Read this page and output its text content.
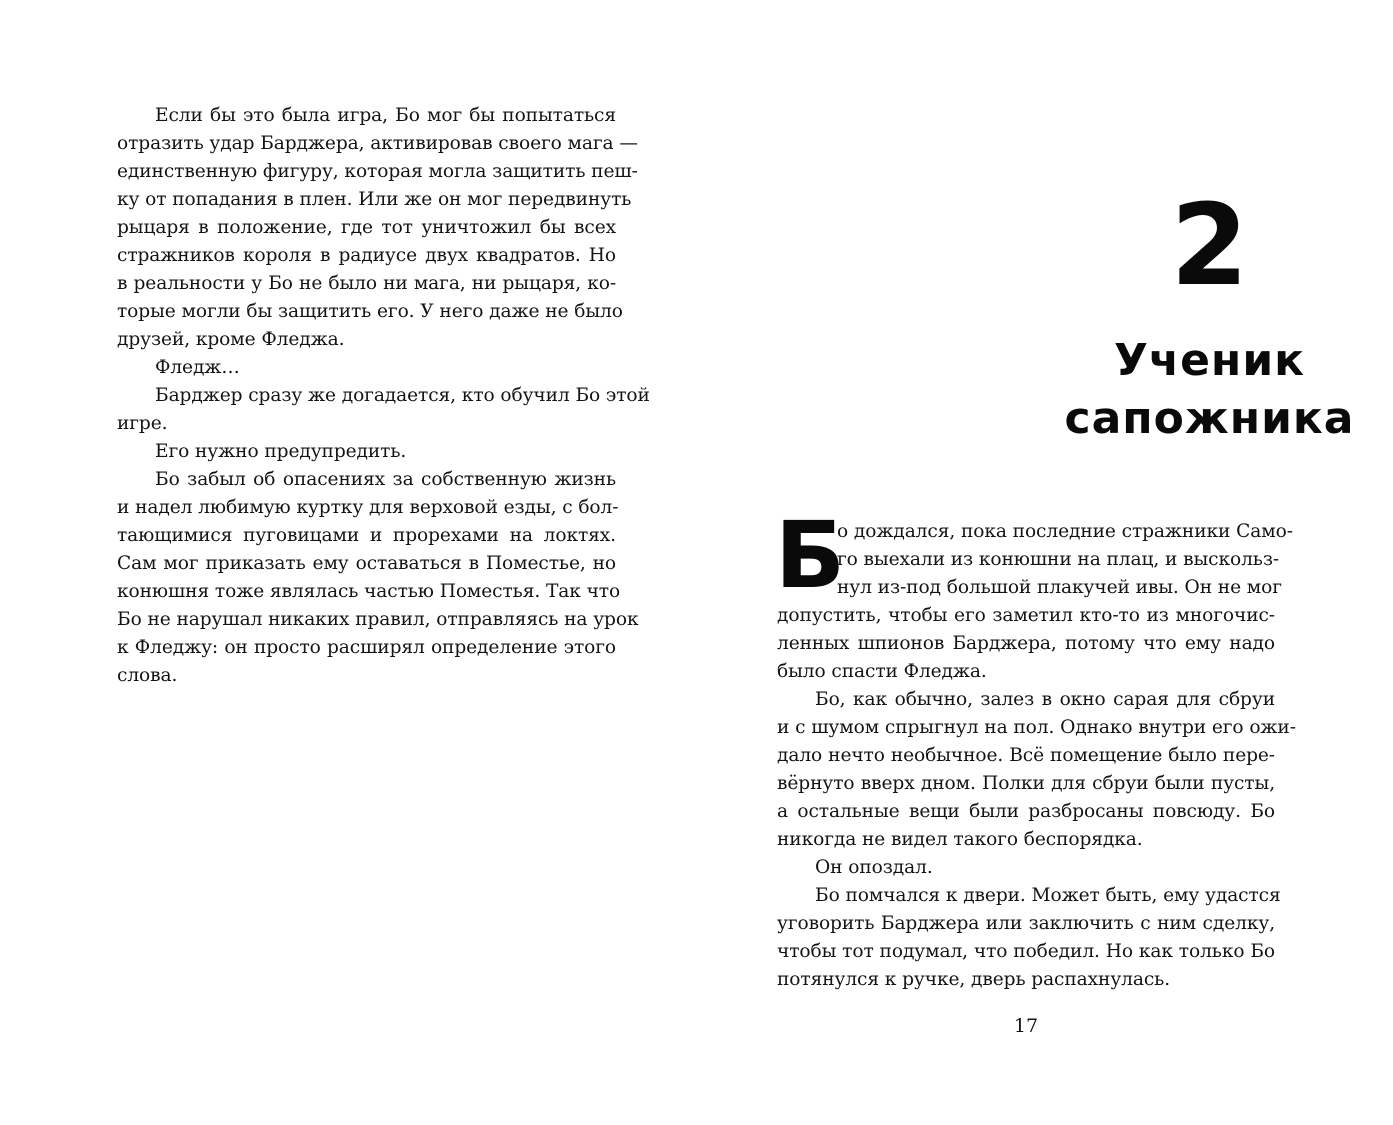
Если бы это была игра, Бо мог бы попытаться
отразить удар Барджера, активировав своего мага —
единственную фигуру, которая могла защитить пеш-
ку от попадания в плен. Или же он мог передвинуть
рыцаря в положение, где тот уничтожил бы всех
стражников короля в радиусе двух квадратов. Но
в реальности у Бо не было ни мага, ни рыцаря, ко-
торые могли бы защитить его. У него даже не было
друзей, кроме Фледжа.
Фледж…
Барджер сразу же догадается, кто обучил Бо этой
игре.
Его нужно предупредить.
Бо забыл об опасениях за собственную жизнь
и надел любимую куртку для верховой езды, с бол-
тающимися пуговицами и прорехами на локтях.
Сам мог приказать ему оставаться в Поместье, но
конюшня тоже являлась частью Поместья. Так что
Бо не нарушал никаких правил, отправляясь на урок
к Фледжу: он просто расширял определение этого
слова.
2
Ученик
сапожника
Б
о дождался, пока последние стражники Само-
го выехали из конюшни на плац, и выскольз-
нул из-под большой плакучей ивы. Он не мог
допустить, чтобы его заметил кто-то из многочис-
ленных шпионов Барджера, потому что ему надо
было спасти Фледжа.
Бо, как обычно, залез в окно сарая для сбруи
и с шумом спрыгнул на пол. Однако внутри его ожи-
дало нечто необычное. Всё помещение было пере-
вёрнуто вверх дном. Полки для сбруи были пусты,
а остальные вещи были разбросаны повсюду. Бо
никогда не видел такого беспорядка.
Он опоздал.
Бо помчался к двери. Может быть, ему удастся
уговорить Барджера или заключить с ним сделку,
чтобы тот подумал, что победил. Но как только Бо
потянулся к ручке, дверь распахнулась.
17
